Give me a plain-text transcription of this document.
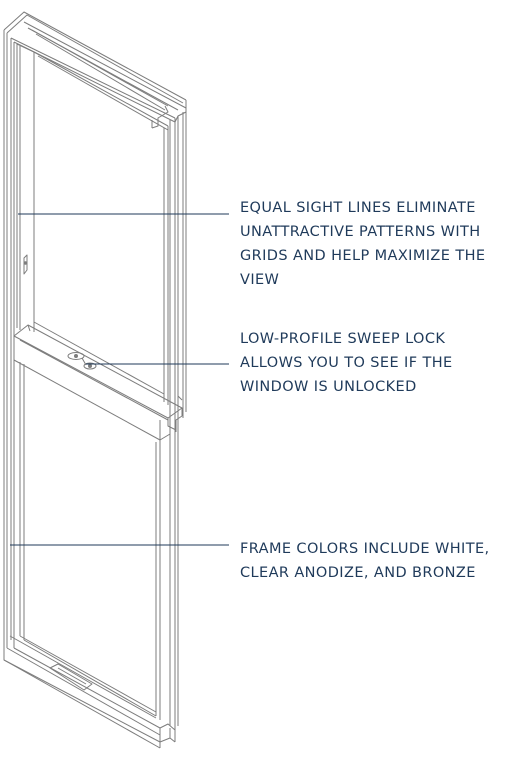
EQUAL SIGHT LINES ELIMINATE
UNATTRACTIVE PATTERNS WITH
GRIDS AND HELP MAXIMIZE THE
VIEW
LOW-PROFILE SWEEP LOCK
ALLOWS YOU TO SEE IF THE
WINDOW IS UNLOCKED
FRAME COLORS INCLUDE WHITE,
CLEAR ANODIZE, AND BRONZE
